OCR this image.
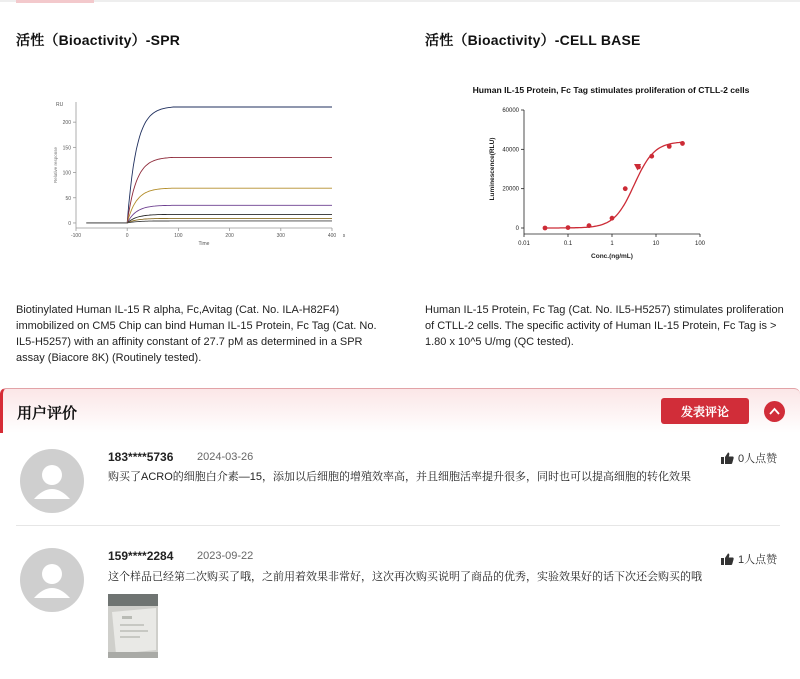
活性（Bioactivity）-SPR	活性（Bioactivity）-CELL BASE
0
50
100
150
200
-100	0	100	200	300	400
Time
s
RU
Relative response
Human IL-15 Protein, Fc Tag stimulates proliferation of CTLL-2 cells
0
20000
40000
60000
0.01	0.1	1	10	100
Conc.(ng/mL)
Luminescence(RLU)

Biotinylated Human IL-15 R alpha, Fc,Avitag (Cat. No. ILA-H82F4) immobilized on CM5 Chip can bind Human IL-15 Protein, Fc Tag (Cat. No. IL5-H5257) with an affinity constant of 27.7 pM as determined in a SPR assay (Biacore 8K) (Routinely tested).

Human IL-15 Protein, Fc Tag (Cat. No. IL5-H5257) stimulates proliferation of CTLL-2 cells. The specific activity of Human IL-15 Protein, Fc Tag is > 1.80 x 10^5 U/mg (QC tested).

用户评价	发表评论
183****5736 2024-03-26
购买了ACRO的细胞白介素—15，添加以后细胞的增殖效率高，并且细胞活率提升很多，同时也可以提高细胞的转化效果
0人点赞
159****2284 2023-09-22
这个样品已经第二次购买了哦，之前用着效果非常好，这次再次购买说明了商品的优秀，实验效果好的话下次还会购买的哦
1人点赞
